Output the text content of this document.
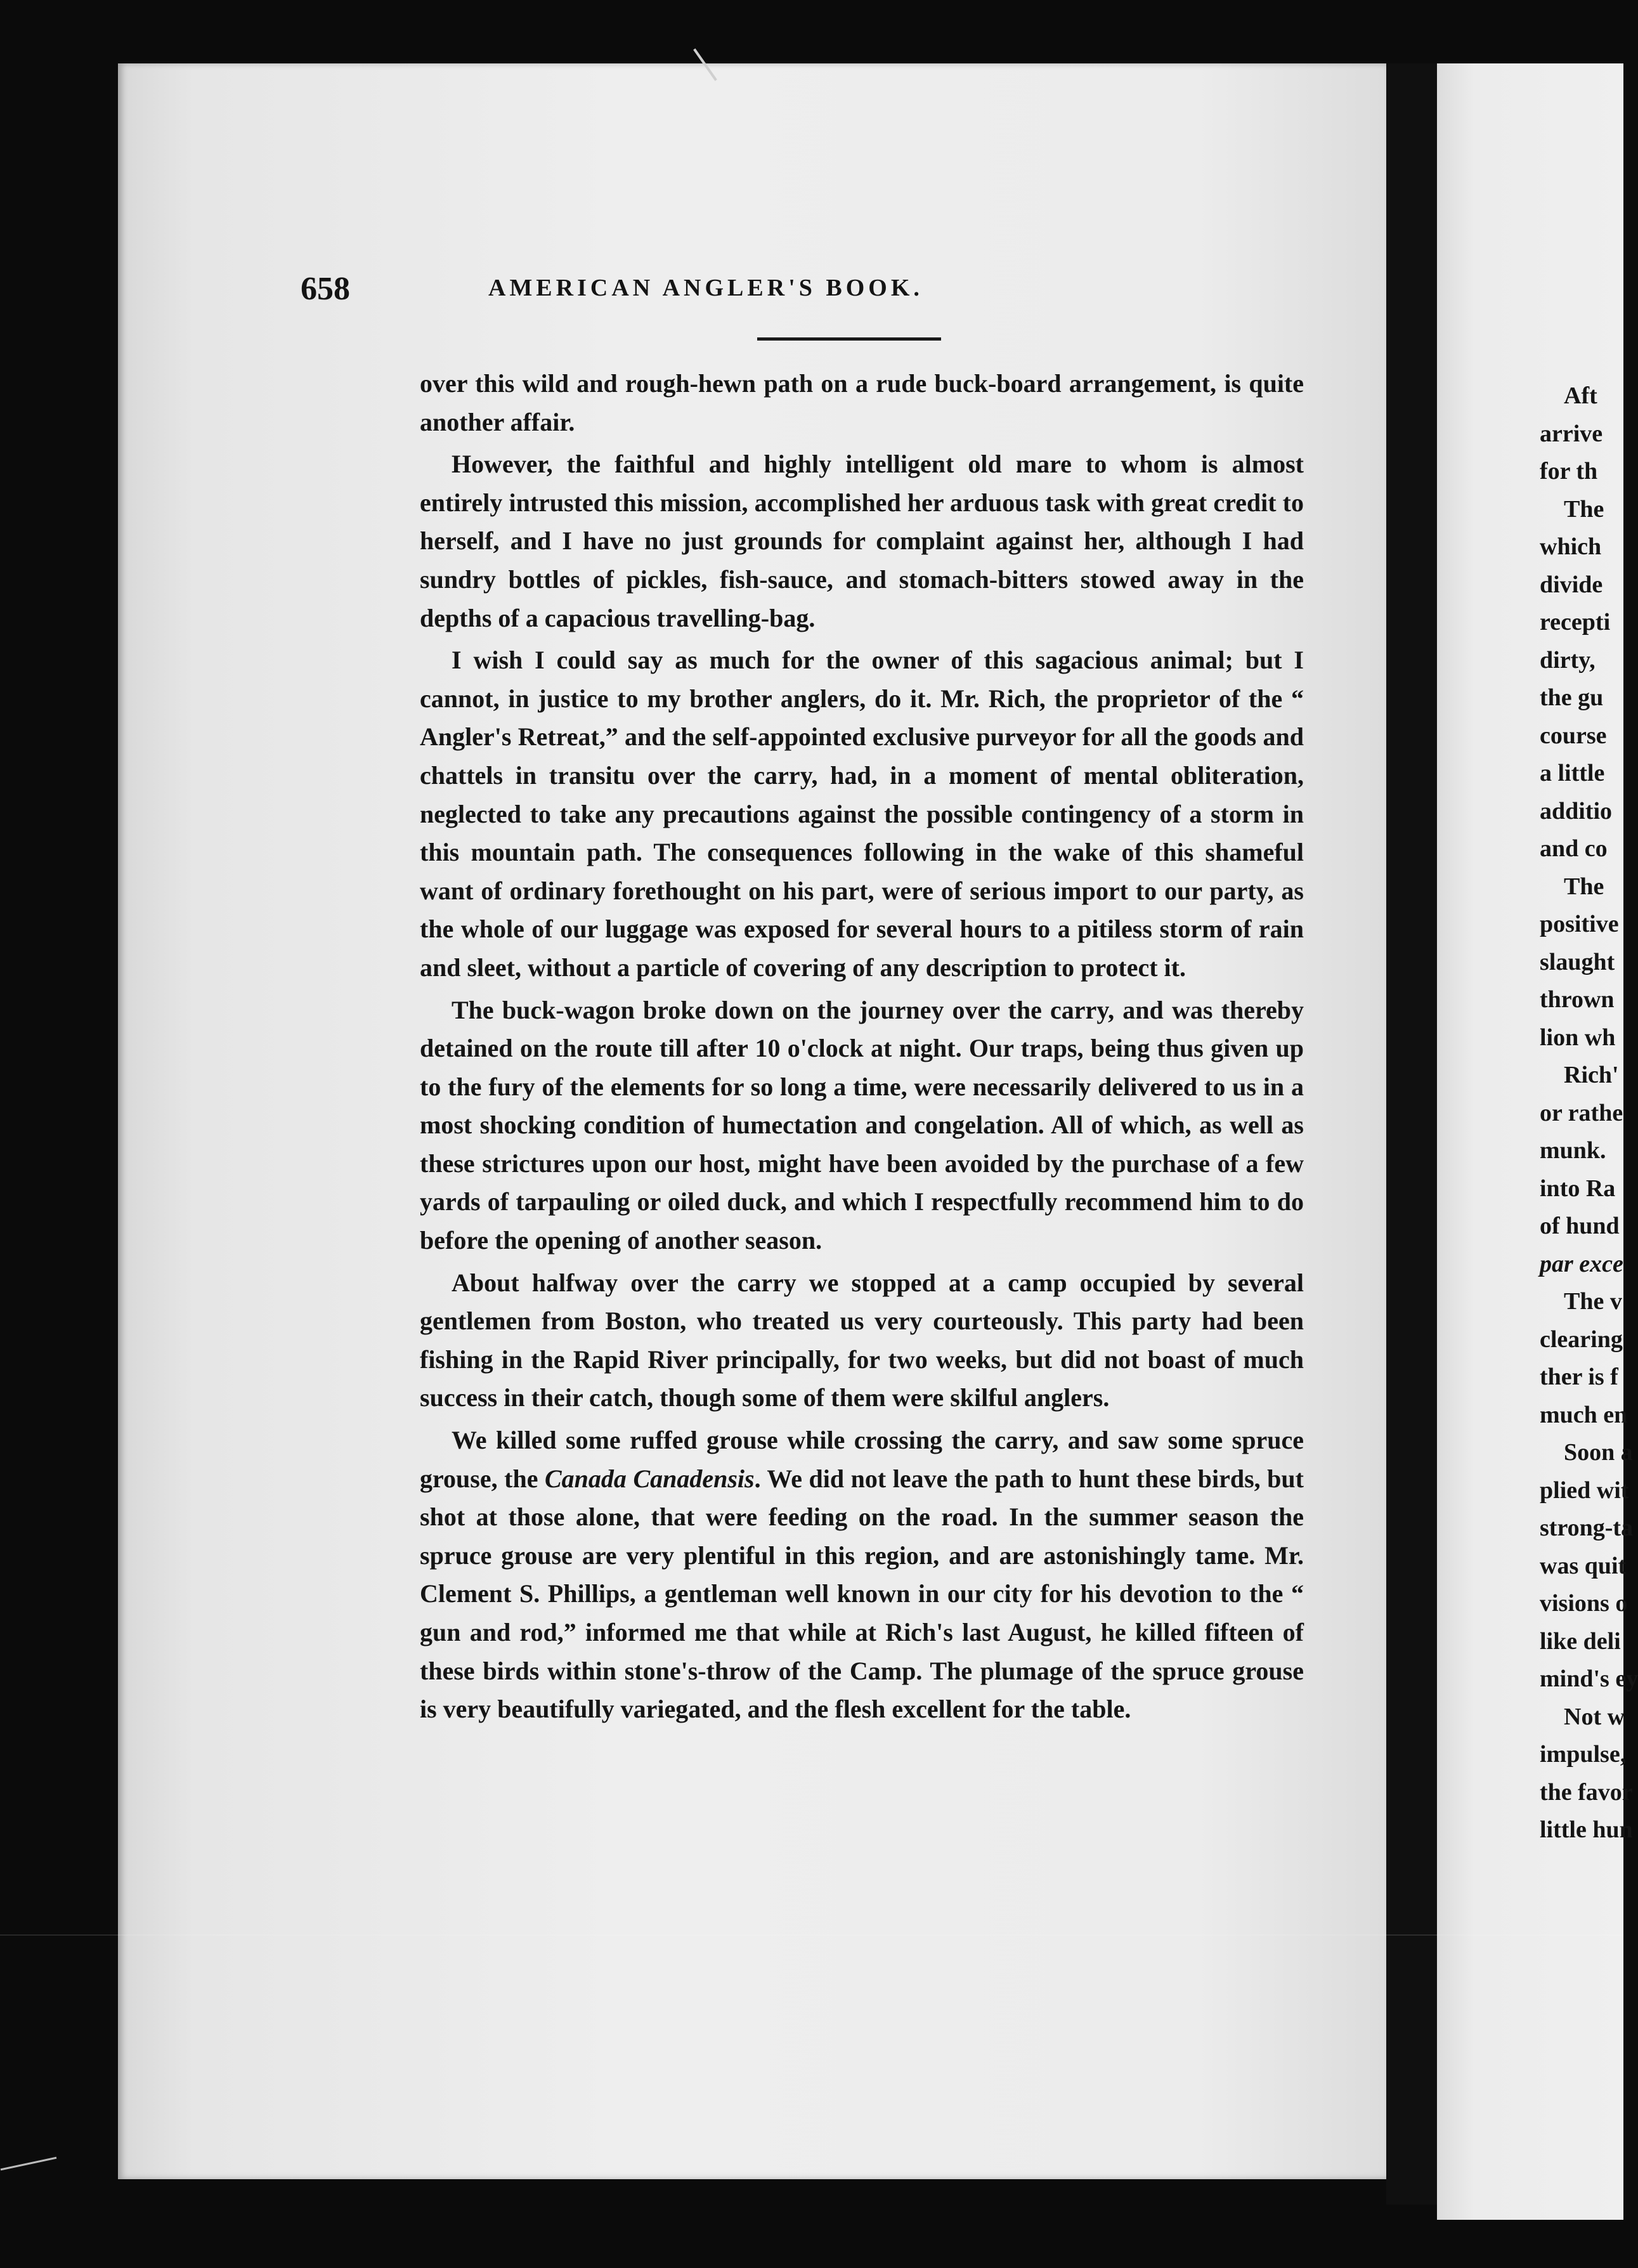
658	AMERICAN ANGLER'S BOOK.

over this wild and rough-hewn path on a rude buck-board arrangement, is quite another affair.

However, the faithful and highly intelligent old mare to whom is almost entirely intrusted this mission, accomplished her arduous task with great credit to herself, and I have no just grounds for complaint against her, although I had sundry bottles of pickles, fish-sauce, and stomach-bitters stowed away in the depths of a capacious travelling-bag.

I wish I could say as much for the owner of this sagacious animal; but I cannot, in justice to my brother anglers, do it. Mr. Rich, the proprietor of the “ Angler's Retreat,” and the self-appointed exclusive purveyor for all the goods and chattels in transitu over the carry, had, in a moment of mental obliteration, neglected to take any precautions against the possible contingency of a storm in this mountain path. The consequences following in the wake of this shameful want of ordinary forethought on his part, were of serious import to our party, as the whole of our luggage was exposed for several hours to a pitiless storm of rain and sleet, without a particle of covering of any description to protect it.

The buck-wagon broke down on the journey over the carry, and was thereby detained on the route till after 10 o'clock at night. Our traps, being thus given up to the fury of the elements for so long a time, were necessarily delivered to us in a most shocking condition of humectation and congelation. All of which, as well as these strictures upon our host, might have been avoided by the purchase of a few yards of tarpauling or oiled duck, and which I respectfully recommend him to do before the opening of another season.

About halfway over the carry we stopped at a camp occupied by several gentlemen from Boston, who treated us very courteously. This party had been fishing in the Rapid River principally, for two weeks, but did not boast of much success in their catch, though some of them were skilful anglers.

We killed some ruffed grouse while crossing the carry, and saw some spruce grouse, the Canada Canadensis. We did not leave the path to hunt these birds, but shot at those alone, that were feeding on the road. In the summer season the spruce grouse are very plentiful in this region, and are astonishingly tame. Mr. Clement S. Phillips, a gentleman well known in our city for his devotion to the “ gun and rod,” informed me that while at Rich's last August, he killed fifteen of these birds within stone's-throw of the Camp. The plumage of the spruce grouse is very beautifully variegated, and the flesh excellent for the table.

Aft
arrive
for th
The
which
divide
recepti
dirty,
the gu
course
a little
additio
and co
The
positive
slaught
thrown
lion wh
Rich'
or rathe
munk.
into Ra
of hund
par exce
The v
clearing
ther is f
much en
Soon a
plied wit
strong-ta
was quit
visions o
like deli
mind's ey
Not w
impulse,
the favor
little hun
